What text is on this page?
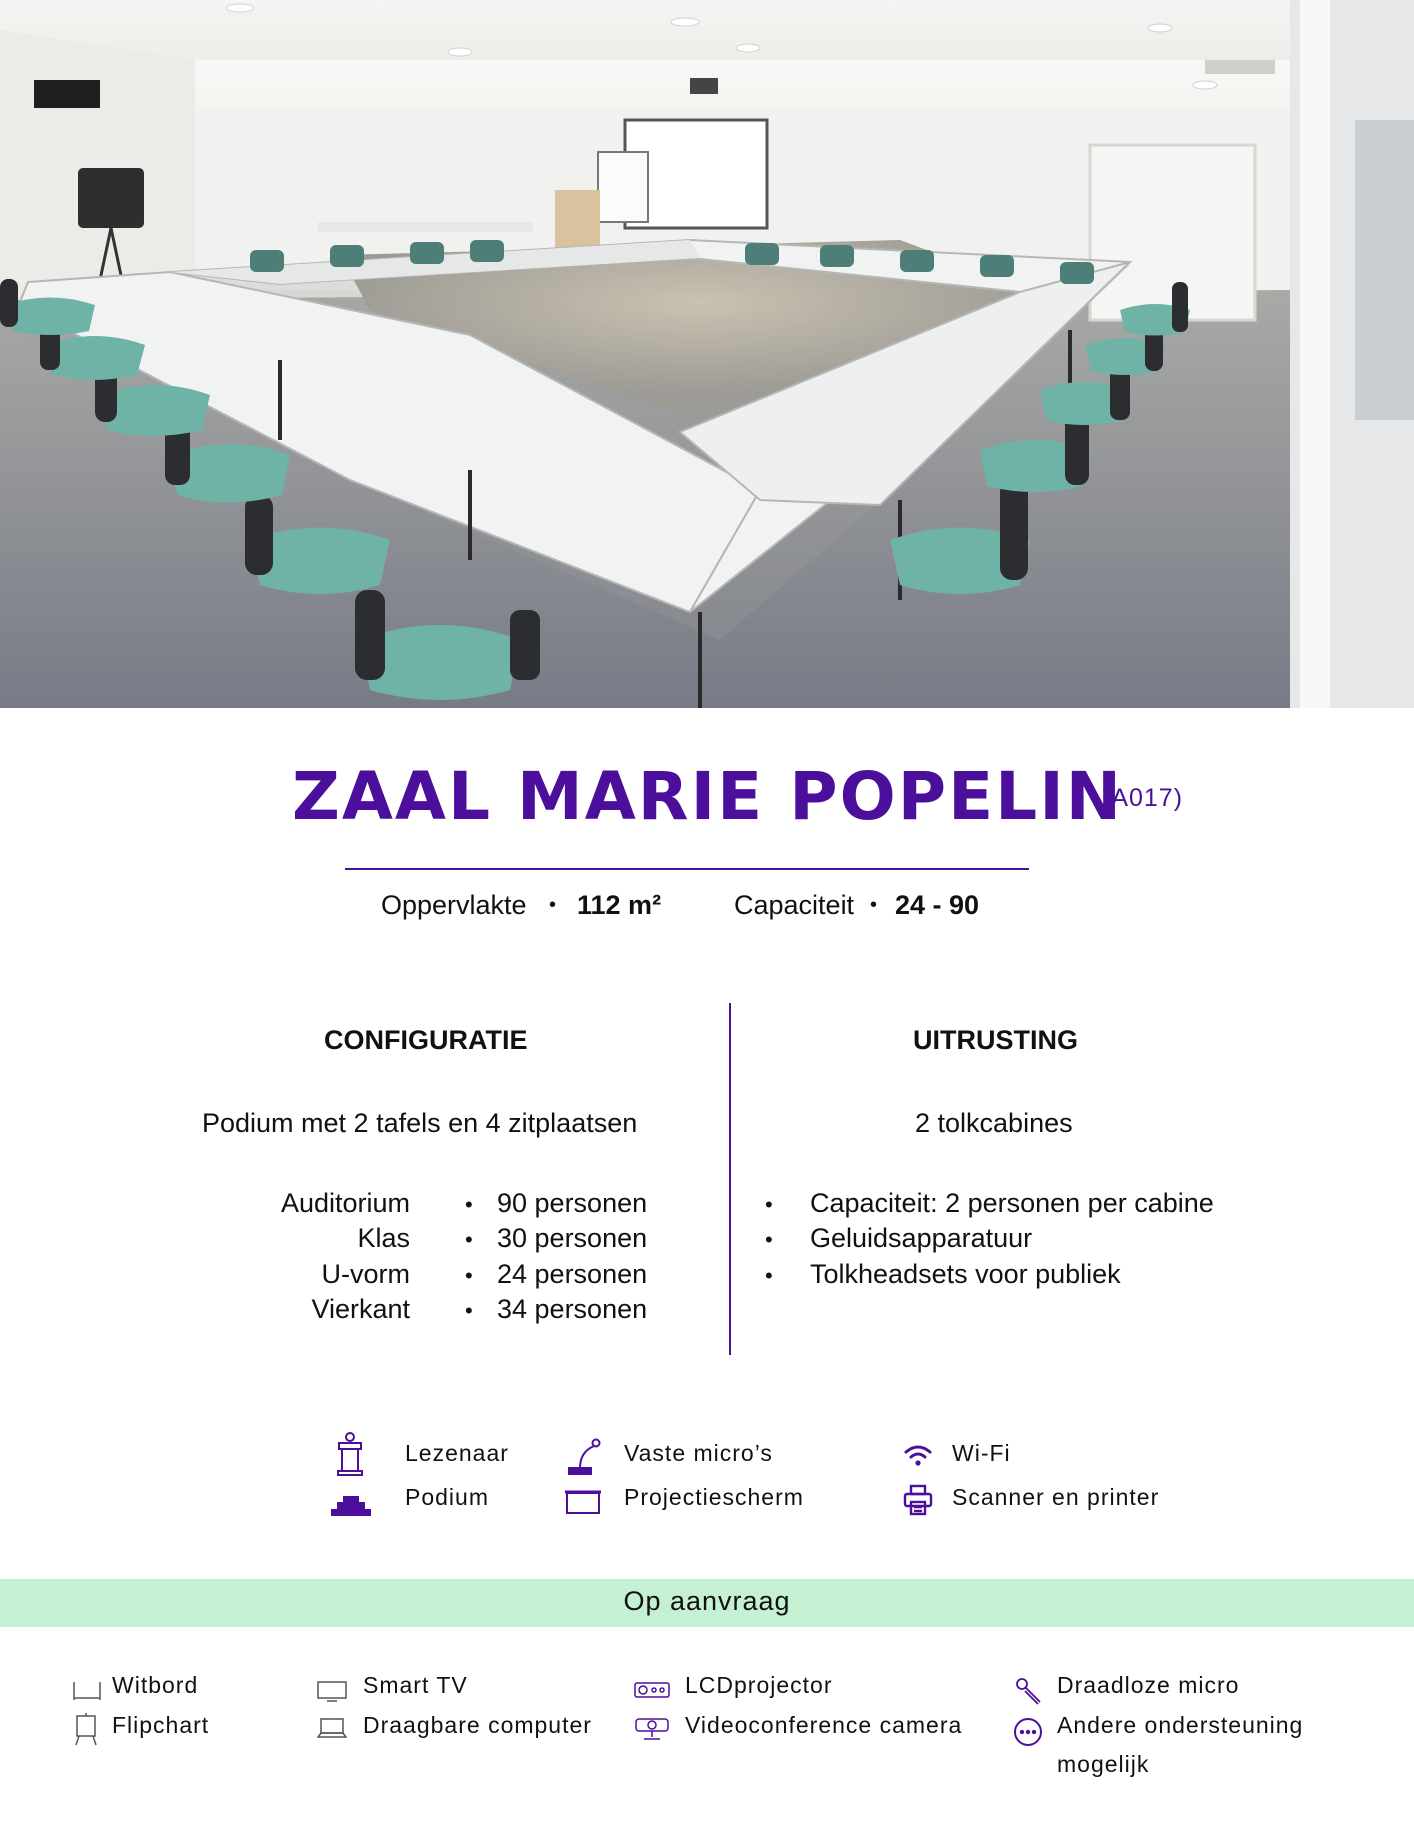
ZAAL MARIE POPELIN
(A017)
Oppervlakte • 112 m²	Capaciteit • 24 - 90
CONFIGURATIE
Podium met 2 tafels en 4 zitplaatsen
Auditorium	• 90 personen
Klas	• 30 personen
U-vorm	• 24 personen
Vierkant	• 34 personen
UITRUSTING
2 tolkcabines
• Capaciteit: 2 personen per cabine
• Geluidsapparatuur
• Tolkheadsets voor publiek
Lezenaar
Podium
Vaste micro’s
Projectiescherm
Wi-Fi
Scanner en printer
Op aanvraag
Witbord
Flipchart
Smart TV
Draagbare computer
LCDprojector
Videoconference camera
Draadloze micro
Andere ondersteuning
mogelijk
